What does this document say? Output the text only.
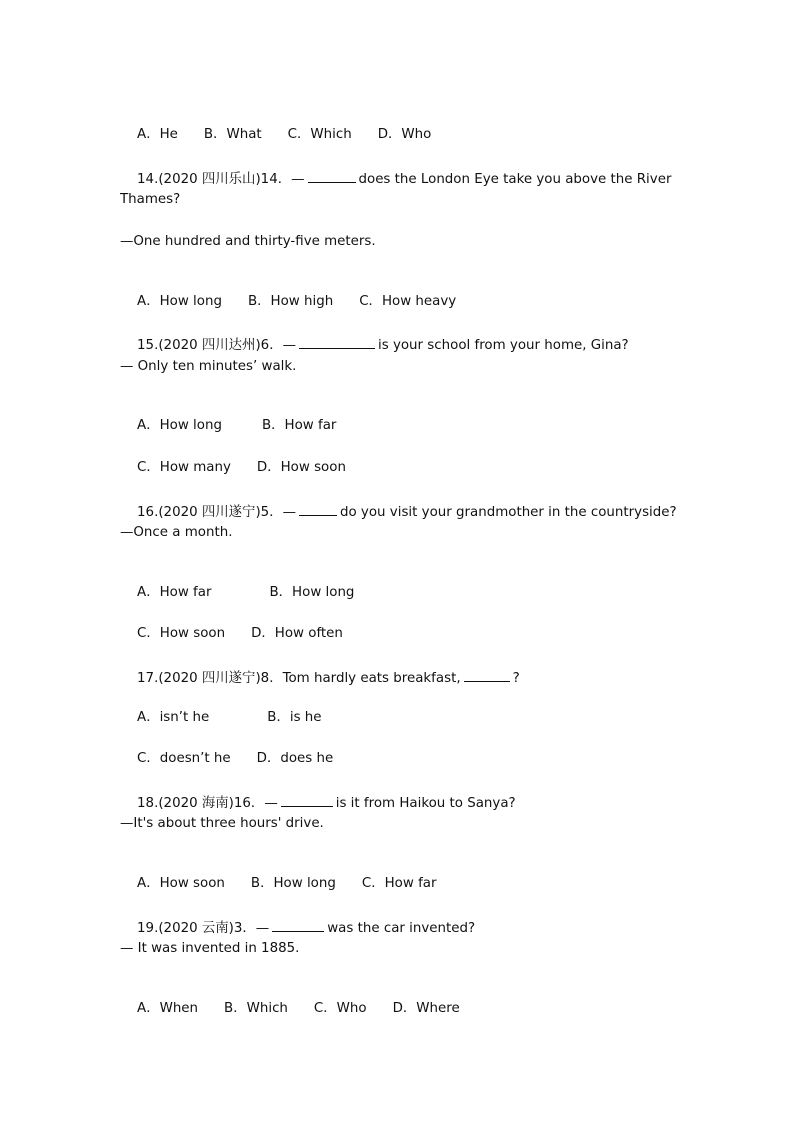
A．He B．What C．Which D．Who

14.(2020 四川乐山)14．—	does the London Eye take you above the River

Thames?
—One hundred and thirty-five meters.

A．How long B．How high C．How heavy

15.(2020 四川达州)6．—	is your school from your home, Gina?

— Only ten minutes’ walk.

A．How long	B．How far

C．How many D．How soon

16.(2020 四川遂宁)5．—	do you visit your grandmother in the countryside?

—Once a month.

A．How far	B．How long

C．How soon D．How often

17.(2020 四川遂宁)8．Tom hardly eats breakfast,	?

A．isn’t he	B．is he

C．doesn’t he D．does he

18.(2020 海南)16．—	is it from Haikou to Sanya?

—It's about three hours' drive.

A．How soon B．How long C．How far

19.(2020 云南)3．—	was the car invented?

— It was invented in 1885.

A．When B．Which C．Who D．Where
